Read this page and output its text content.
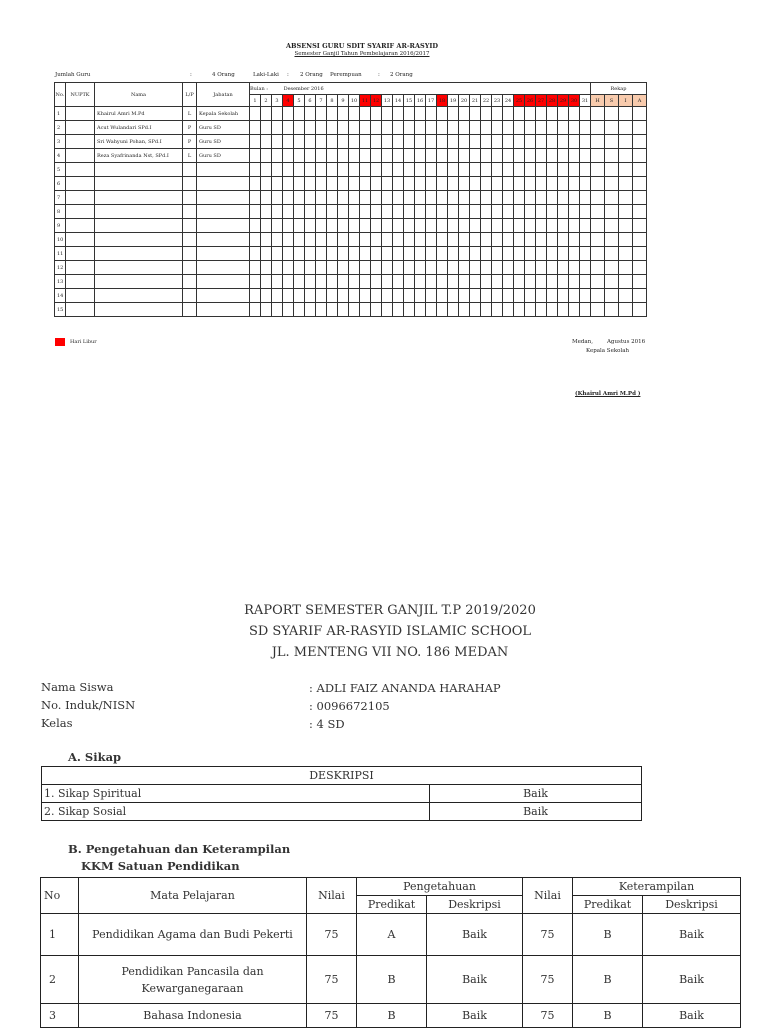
ABSENSI GURU SDIT SYARIF AR-RASYID
Semester Ganjil Tahun Pembelajaran 2016/2017
Jumlah Guru	:	4 Orang	Laki-Laki : 2 Orang Perempuan	: 2 Orang
No.	NUPTK	Nama	L/P	Jabatan	Bulan : Desember 2016																															Rekap			
					1	2	3	4	5	6	7	8	9	10	11	12	13	14	15	16	17	18	19	20	21	22	23	24	25	26	27	28	29	30	31	H	S	I	A
1		Khairul Amri M.Pd	L	Kepala Sekolah																																			
2		Acut Wulandari SPd.I	P	Guru SD																																			
3		Sri Wahyuni Pohan, SPd.I	P	Guru SD																																			
4		Reza Syafrinanda Nst, SPd.I	L	Guru SD																																			
5																																							
6																																							
7																																							
8																																							
9																																							
10																																							
11																																							
12																																							
13																																							
14																																							
15																																							
Hari Libur	Medan,        Agustus 2016
Kepala Sekolah
(Khairul Amri M.Pd )
RAPORT SEMESTER GANJIL T.P 2019/2020
SD SYARIF AR-RASYID ISLAMIC SCHOOL
JL. MENTENG VII NO. 186 MEDAN
Nama Siswa	: ADLI FAIZ ANANDA HARAHAP
No. Induk/NISN	: 0096672105
Kelas	: 4 SD
A. Sikap
DESKRIPSI	
1. Sikap Spiritual	Baik
2. Sikap Sosial	Baik
B. Pengetahuan dan Keterampilan
KKM Satuan Pendidikan
No	Mata Pelajaran	Nilai	Pengetahuan		Nilai	Keterampilan	
			Predikat	Deskripsi		Predikat	Deskripsi
1	Pendidikan Agama dan Budi Pekerti	75	A	Baik	75	B	Baik
2	Pendidikan Pancasila dan Kewarganegaraan	75	B	Baik	75	B	Baik
3	Bahasa Indonesia	75	B	Baik	75	B	Baik
